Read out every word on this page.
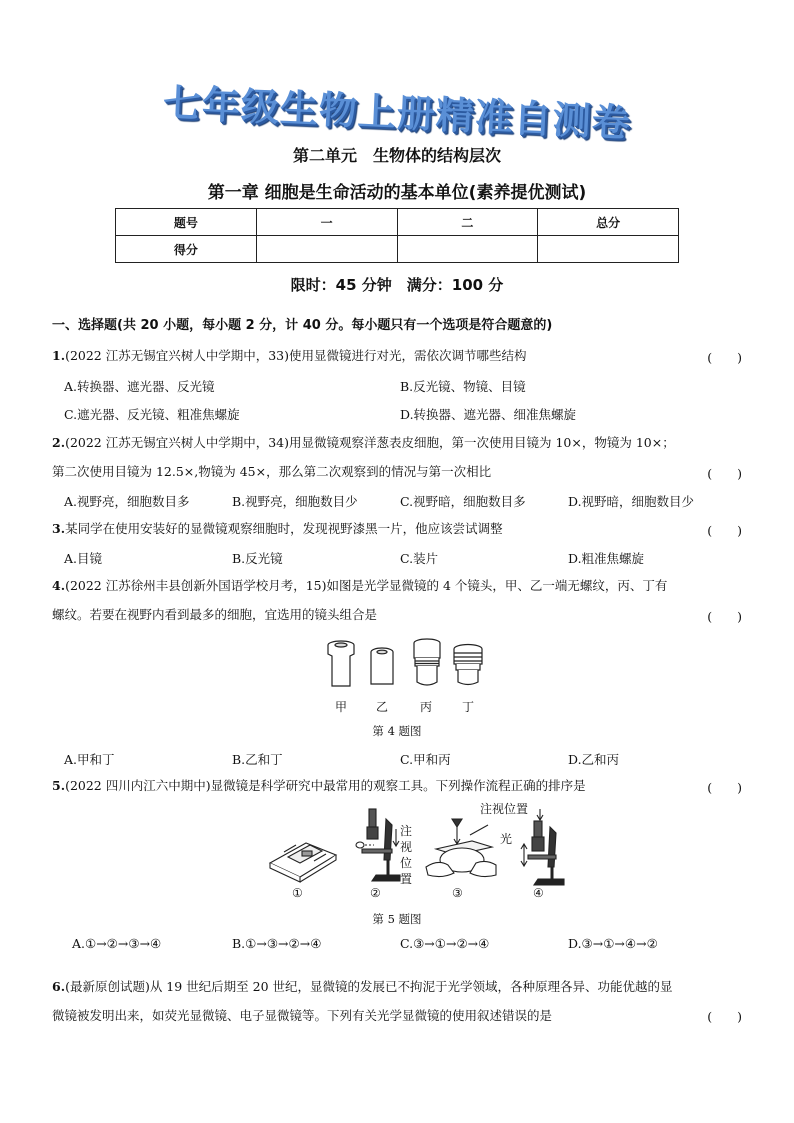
七年级生物上册精准自测卷
第二单元　生物体的结构层次
第一章 细胞是生命活动的基本单位(素养提优测试)
题号	一	二	总分
得分			
限时：45 分钟　满分：100 分
一、选择题(共 20 小题，每小题 2 分，计 40 分。每小题只有一个选项是符合题意的)
1.(2022 江苏无锡宜兴树人中学期中，33)使用显微镜进行对光，需依次调节哪些结构	(　　)
A.转换器、遮光器、反光镜	B.反光镜、物镜、目镜
C.遮光器、反光镜、粗准焦螺旋	D.转换器、遮光器、细准焦螺旋
2.(2022 江苏无锡宜兴树人中学期中，34)用显微镜观察洋葱表皮细胞，第一次使用目镜为 10×，物镜为 10×；
第二次使用目镜为 12.5×,物镜为 45×，那么第二次观察到的情况与第一次相比	(　　)
A.视野亮，细胞数目多	B.视野亮，细胞数目少	C.视野暗，细胞数目多	D.视野暗，细胞数目少
3.某同学在使用安装好的显微镜观察细胞时，发现视野漆黑一片，他应该尝试调整	(　　)
A.目镜	B.反光镜	C.装片	D.粗准焦螺旋
4.(2022 江苏徐州丰县创新外国语学校月考，15)如图是光学显微镜的 4 个镜头，甲、乙一端无螺纹，丙、丁有
螺纹。若要在视野内看到最多的细胞，宜选用的镜头组合是	(　　)
甲 乙	丙 丁
第 4 题图
A.甲和丁	B.乙和丁	C.甲和丙	D.乙和丙
5.(2022 四川内江六中期中)显微镜是科学研究中最常用的观察工具。下列操作流程正确的排序是	(　　)
注视位置
光
注视位置
①	②	③	④
第 5 题图
A.①→②→③→④	B.①→③→②→④	C.③→①→②→④	D.③→①→④→②
6.(最新原创试题)从 19 世纪后期至 20 世纪，显微镜的发展已不拘泥于光学领域，各种原理各异、功能优越的显
微镜被发明出来，如荧光显微镜、电子显微镜等。下列有关光学显微镜的使用叙述错误的是	(　　)
